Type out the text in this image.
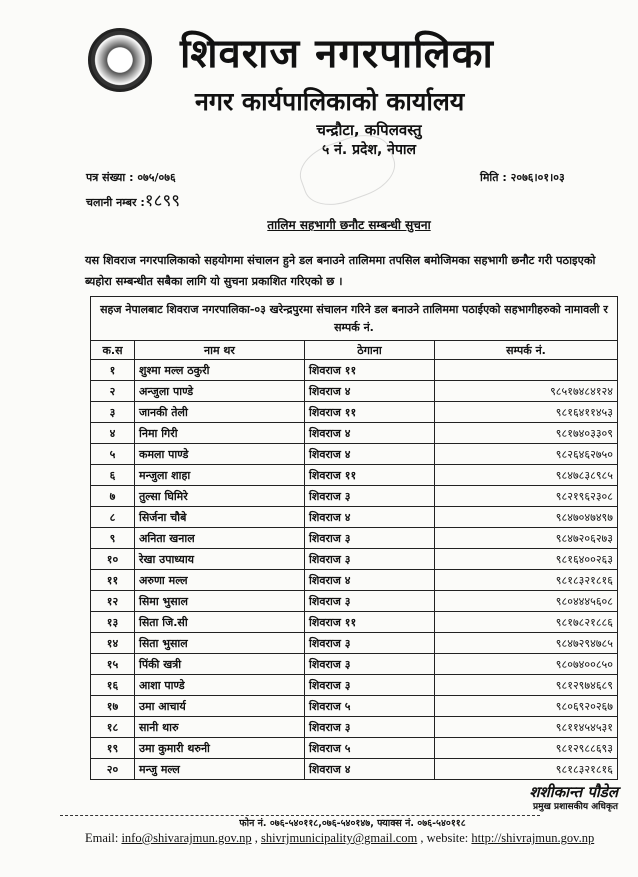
शिवराज नगरपालिका
नगर कार्यपालिकाको कार्यालय
चन्द्रौटा, कपिलवस्तु
५ नं. प्रदेश, नेपाल
पत्र संख्या : ०७५/०७६
चलानी नम्बर :१८९९
मिति : २०७६।०१।०३
तालिम सहभागी छनौट सम्बन्धी सुचना
यस शिवराज नगरपालिकाको सहयोगमा संचालन हुने डल बनाउने तालिममा तपसिल बमोजिमका सहभागी छनौट गरी पठाइएको ब्यहोरा सम्बन्धीत सबैका लागि यो सुचना प्रकाशित गरिएको छ ।
सहज नेपालबाट शिवराज नगरपालिका-०३ खरेन्द्रपुरमा संचालन गरिने डल बनाउने तालिममा पठाईएको सहभागीहरुको नामावली र सम्पर्क नं.			
क.स	नाम थर	ठेगाना	सम्पर्क नं.
१	शुश्मा मल्ल ठकुरी	शिवराज ११	
२	अन्जुला पाण्डे	शिवराज ४	९८५१७४८४१२४
३	जानकी तेली	शिवराज ११	९८१६४११४५३
४	निमा गिरी	शिवराज ४	९८१७४०३३०९
५	कमला पाण्डे	शिवराज ४	९८२६४६२७५०
६	मन्जुला शाहा	शिवराज ११	९८४७८३८९८५
७	तुल्सा घिमिरे	शिवराज ३	९८२१९६२३०८
८	सिर्जना चौबे	शिवराज ४	९८४७०४७४९७
९	अनिता खनाल	शिवराज ३	९८४७२०६२७३
१०	रेखा उपाध्याय	शिवराज ३	९८१६४००२६३
११	अरुणा मल्ल	शिवराज ४	९८१८३२१८१६
१२	सिमा भुसाल	शिवराज ३	९८०४४४५६०८
१३	सिता जि.सी	शिवराज ११	९८१७८२१८८६
१४	सिता भुसाल	शिवराज ३	९८४७२९४७८५
१५	पिंकी खत्री	शिवराज ३	९८०७४००८५०
१६	आशा पाण्डे	शिवराज ३	९८१२९७४६८९
१७	उमा आचार्य	शिवराज ५	९८०६९२०२६७
१८	सानी थारु	शिवराज ३	९८११४५४५३१
१९	उमा कुमारी थरुनी	शिवराज ५	९८१२९८८६९३
२०	मन्जु मल्ल	शिवराज ४	९८१८३२१८१६
शशीकान्त पौडेल
प्रमुख प्रशासकीय अधिकृत
फोन नं. ०७६-५४०११८,०७६-५४०१४७, फ्याक्स नं. ०७६-५४०११८
Email: info@shivarajmun.gov.np , shivrjmunicipality@gmail.com , website: http://shivrajmun.gov.np
